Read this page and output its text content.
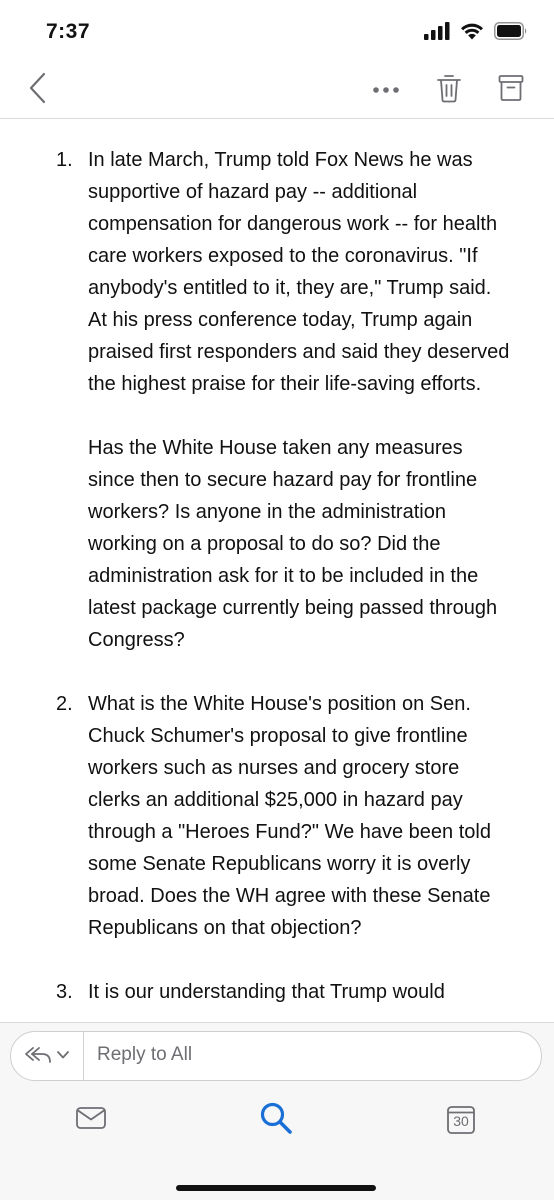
7:37
1. In late March, Trump told Fox News he was supportive of hazard pay -- additional compensation for dangerous work -- for health care workers exposed to the coronavirus. "If anybody's entitled to it, they are," Trump said. At his press conference today, Trump again praised first responders and said they deserved the highest praise for their life-saving efforts.

Has the White House taken any measures since then to secure hazard pay for frontline workers? Is anyone in the administration working on a proposal to do so? Did the administration ask for it to be included in the latest package currently being passed through Congress?

2. What is the White House's position on Sen. Chuck Schumer's proposal to give frontline workers such as nurses and grocery store clerks an additional $25,000 in hazard pay through a "Heroes Fund?" We have been told some Senate Republicans worry it is overly broad. Does the WH agree with these Senate Republicans on that objection?

3. It is our understanding that Trump would

Reply to All
30
